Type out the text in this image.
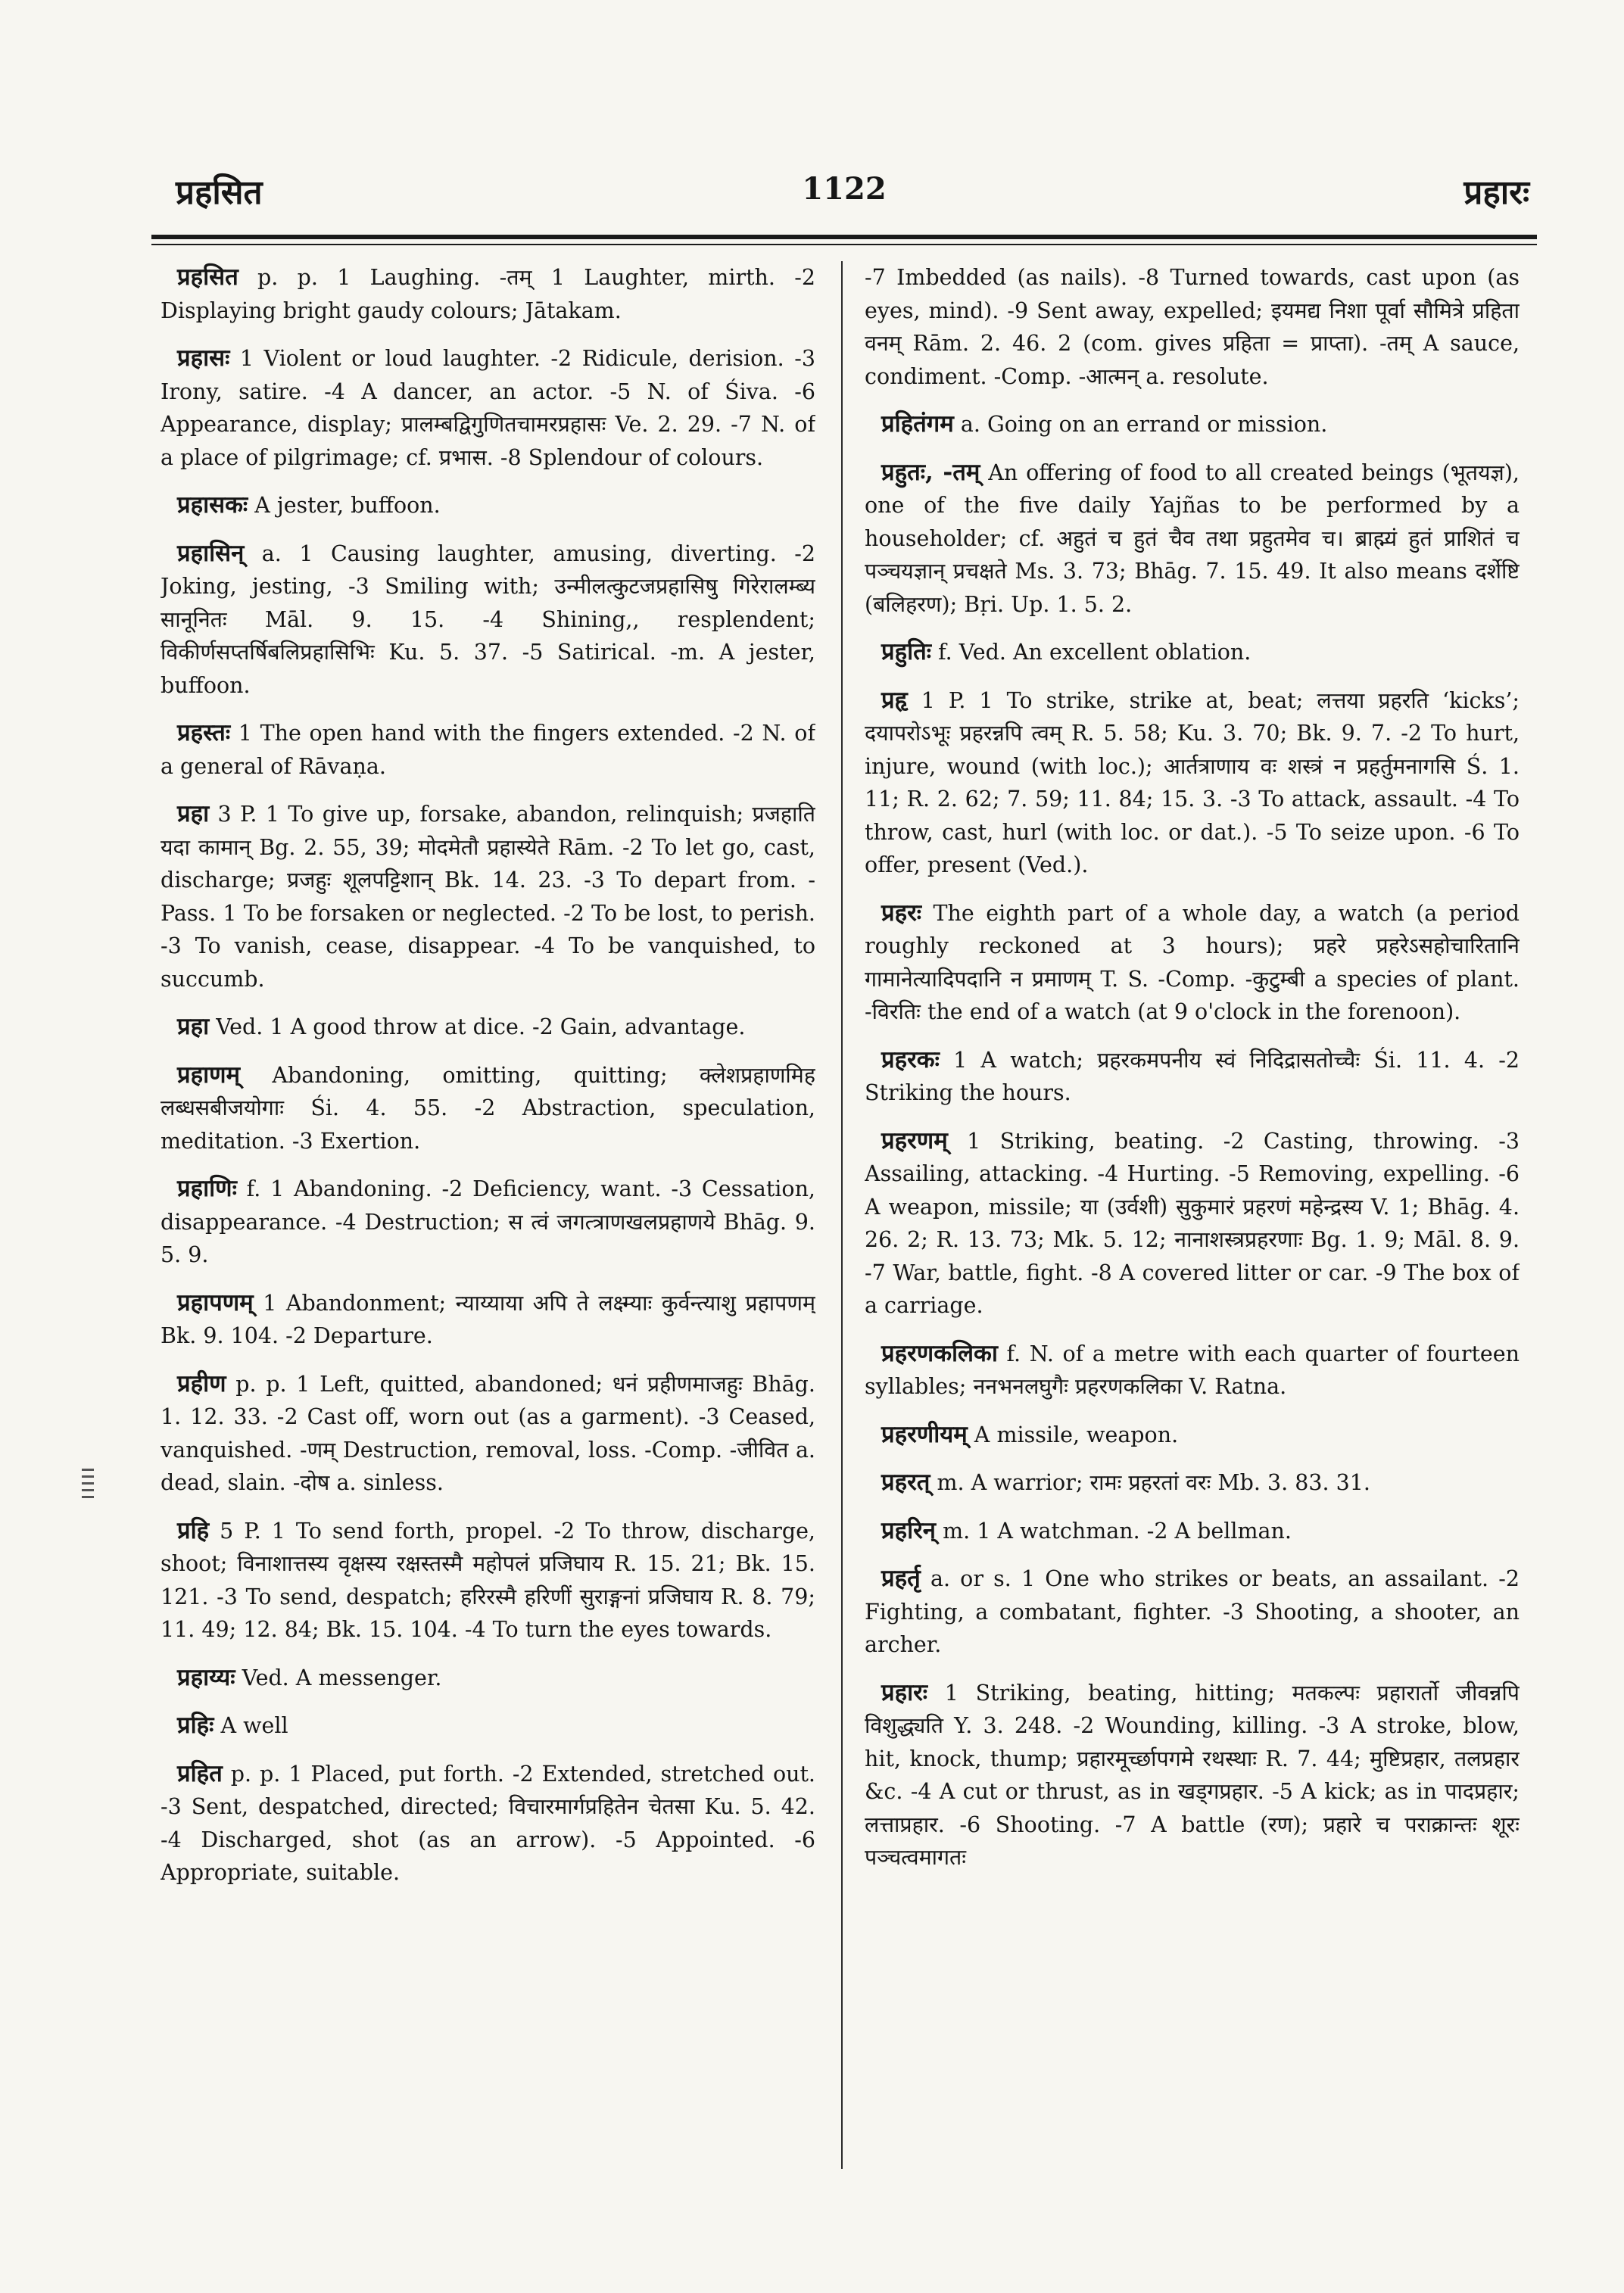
प्रहसित	1122	प्रहारः

प्रहसित p. p. 1 Laughing. -तम् 1 Laughter, mirth. -2 Displaying bright gaudy colours; Jātakam.

प्रहासः 1 Violent or loud laughter. -2 Ridicule, derision. -3 Irony, satire. -4 A dancer, an actor. -5 N. of Śiva. -6 Appearance, display; प्रालम्बद्विगुणितचामरप्रहासः Ve. 2. 29. -7 N. of a place of pilgrimage; cf. प्रभास. -8 Splendour of colours.

प्रहासकः A jester, buffoon.

प्रहासिन् a. 1 Causing laughter, amusing, diverting. -2 Joking, jesting, -3 Smiling with; उन्मीलत्कुटजप्रहासिषु गिरेरालम्ब्य सानूनितः Māl. 9. 15. -4 Shining,, resplendent; विकीर्णसप्तर्षिबलिप्रहासिभिः Ku. 5. 37. -5 Satirical. -m. A jester, buffoon.

प्रहस्तः 1 The open hand with the fingers extended. -2 N. of a general of Rāvaṇa.

प्रहा 3 P. 1 To give up, forsake, abandon, relinquish; प्रजहाति यदा कामान् Bg. 2. 55, 39; मोदमेतौ प्रहास्येते Rām. -2 To let go, cast, discharge; प्रजहुः शूलपट्टिशान् Bk. 14. 23. -3 To depart from. -Pass. 1 To be forsaken or neglected. -2 To be lost, to perish. -3 To vanish, cease, disappear. -4 To be vanquished, to succumb.

प्रहा Ved. 1 A good throw at dice. -2 Gain, advantage.

प्रहाणम् Abandoning, omitting, quitting; क्लेशप्रहाणमिह लब्धसबीजयोगाः Śi. 4. 55. -2 Abstraction, speculation, meditation. -3 Exertion.

प्रहाणिः f. 1 Abandoning. -2 Deficiency, want. -3 Cessation, disappearance. -4 Destruction; स त्वं जगत्त्राणखलप्रहाणये Bhāg. 9. 5. 9.

प्रहापणम् 1 Abandonment; न्याय्याया अपि ते लक्ष्म्याः कुर्वन्त्याशु प्रहापणम् Bk. 9. 104. -2 Departure.

प्रहीण p. p. 1 Left, quitted, abandoned; धनं प्रहीणमाजहुः Bhāg. 1. 12. 33. -2 Cast off, worn out (as a garment). -3 Ceased, vanquished. -णम् Destruction, removal, loss. -Comp. -जीवित a. dead, slain. -दोष a. sinless.

प्रहि 5 P. 1 To send forth, propel. -2 To throw, discharge, shoot; विनाशात्तस्य वृक्षस्य रक्षस्तस्मै महोपलं प्रजिघाय R. 15. 21; Bk. 15. 121. -3 To send, despatch; हरिरस्मै हरिणीं सुराङ्गनां प्रजिघाय R. 8. 79; 11. 49; 12. 84; Bk. 15. 104. -4 To turn the eyes towards.

प्रहाय्यः Ved. A messenger.

प्रहिः A well

प्रहित p. p. 1 Placed, put forth. -2 Extended, stretched out. -3 Sent, despatched, directed; विचारमार्गप्रहितेन चेतसा Ku. 5. 42. -4 Discharged, shot (as an arrow). -5 Appointed. -6 Appropriate, suitable.

-7 Imbedded (as nails). -8 Turned towards, cast upon (as eyes, mind). -9 Sent away, expelled; इयमद्य निशा पूर्वा सौमित्रे प्रहिता वनम् Rām. 2. 46. 2 (com. gives प्रहिता = प्राप्ता). -तम् A sauce, condiment. -Comp. -आत्मन् a. resolute.

प्रहितंगम a. Going on an errand or mission.

प्रहुतः, -तम् An offering of food to all created beings (भूतयज्ञ), one of the five daily Yajñas to be performed by a householder; cf. अहुतं च हुतं चैव तथा प्रहुतमेव च। ब्राह्म्यं हुतं प्राशितं च पञ्चयज्ञान् प्रचक्षते Ms. 3. 73; Bhāg. 7. 15. 49. It also means दर्शेष्टि (बलिहरण); Bṛi. Up. 1. 5. 2.

प्रहुतिः f. Ved. An excellent oblation.

प्रहृ 1 P. 1 To strike, strike at, beat; लत्तया प्रहरति ‘kicks’; दयापरोऽभूः प्रहरन्नपि त्वम् R. 5. 58; Ku. 3. 70; Bk. 9. 7. -2 To hurt, injure, wound (with loc.); आर्तत्राणाय वः शस्त्रं न प्रहर्तुमनागसि Ś. 1. 11; R. 2. 62; 7. 59; 11. 84; 15. 3. -3 To attack, assault. -4 To throw, cast, hurl (with loc. or dat.). -5 To seize upon. -6 To offer, present (Ved.).

प्रहरः The eighth part of a whole day, a watch (a period roughly reckoned at 3 hours); प्रहरे प्रहरेऽसहोचारितानि गामानेत्यादिपदानि न प्रमाणम् T. S. -Comp. -कुटुम्बी a species of plant. -विरतिः the end of a watch (at 9 o'clock in the forenoon).

प्रहरकः 1 A watch; प्रहरकमपनीय स्वं निदिद्रासतोच्चैः Śi. 11. 4. -2 Striking the hours.

प्रहरणम् 1 Striking, beating. -2 Casting, throwing. -3 Assailing, attacking. -4 Hurting. -5 Removing, expelling. -6 A weapon, missile; या (उर्वशी) सुकुमारं प्रहरणं महेन्द्रस्य V. 1; Bhāg. 4. 26. 2; R. 13. 73; Mk. 5. 12; नानाशस्त्रप्रहरणाः Bg. 1. 9; Māl. 8. 9. -7 War, battle, fight. -8 A covered litter or car. -9 The box of a carriage.

प्रहरणकलिका f. N. of a metre with each quarter of fourteen syllables; ननभनलघुगैः प्रहरणकलिका V. Ratna.

प्रहरणीयम् A missile, weapon.

प्रहरत् m. A warrior; रामः प्रहरतां वरः Mb. 3. 83. 31.

प्रहरिन् m. 1 A watchman. -2 A bellman.

प्रहर्तृ a. or s. 1 One who strikes or beats, an assailant. -2 Fighting, a combatant, fighter. -3 Shooting, a shooter, an archer.

प्रहारः 1 Striking, beating, hitting; मतकल्पः प्रहारार्तो जीवन्नपि विशुद्ध्यति Y. 3. 248. -2 Wounding, killing. -3 A stroke, blow, hit, knock, thump; प्रहारमूर्च्छापगमे रथस्थाः R. 7. 44; मुष्टिप्रहार, तलप्रहार &c. -4 A cut or thrust, as in खड्गप्रहार. -5 A kick; as in पादप्रहार; लत्ताप्रहार. -6 Shooting. -7 A battle (रण); प्रहारे च पराक्रान्तः शूरः पञ्चत्वमागतः
